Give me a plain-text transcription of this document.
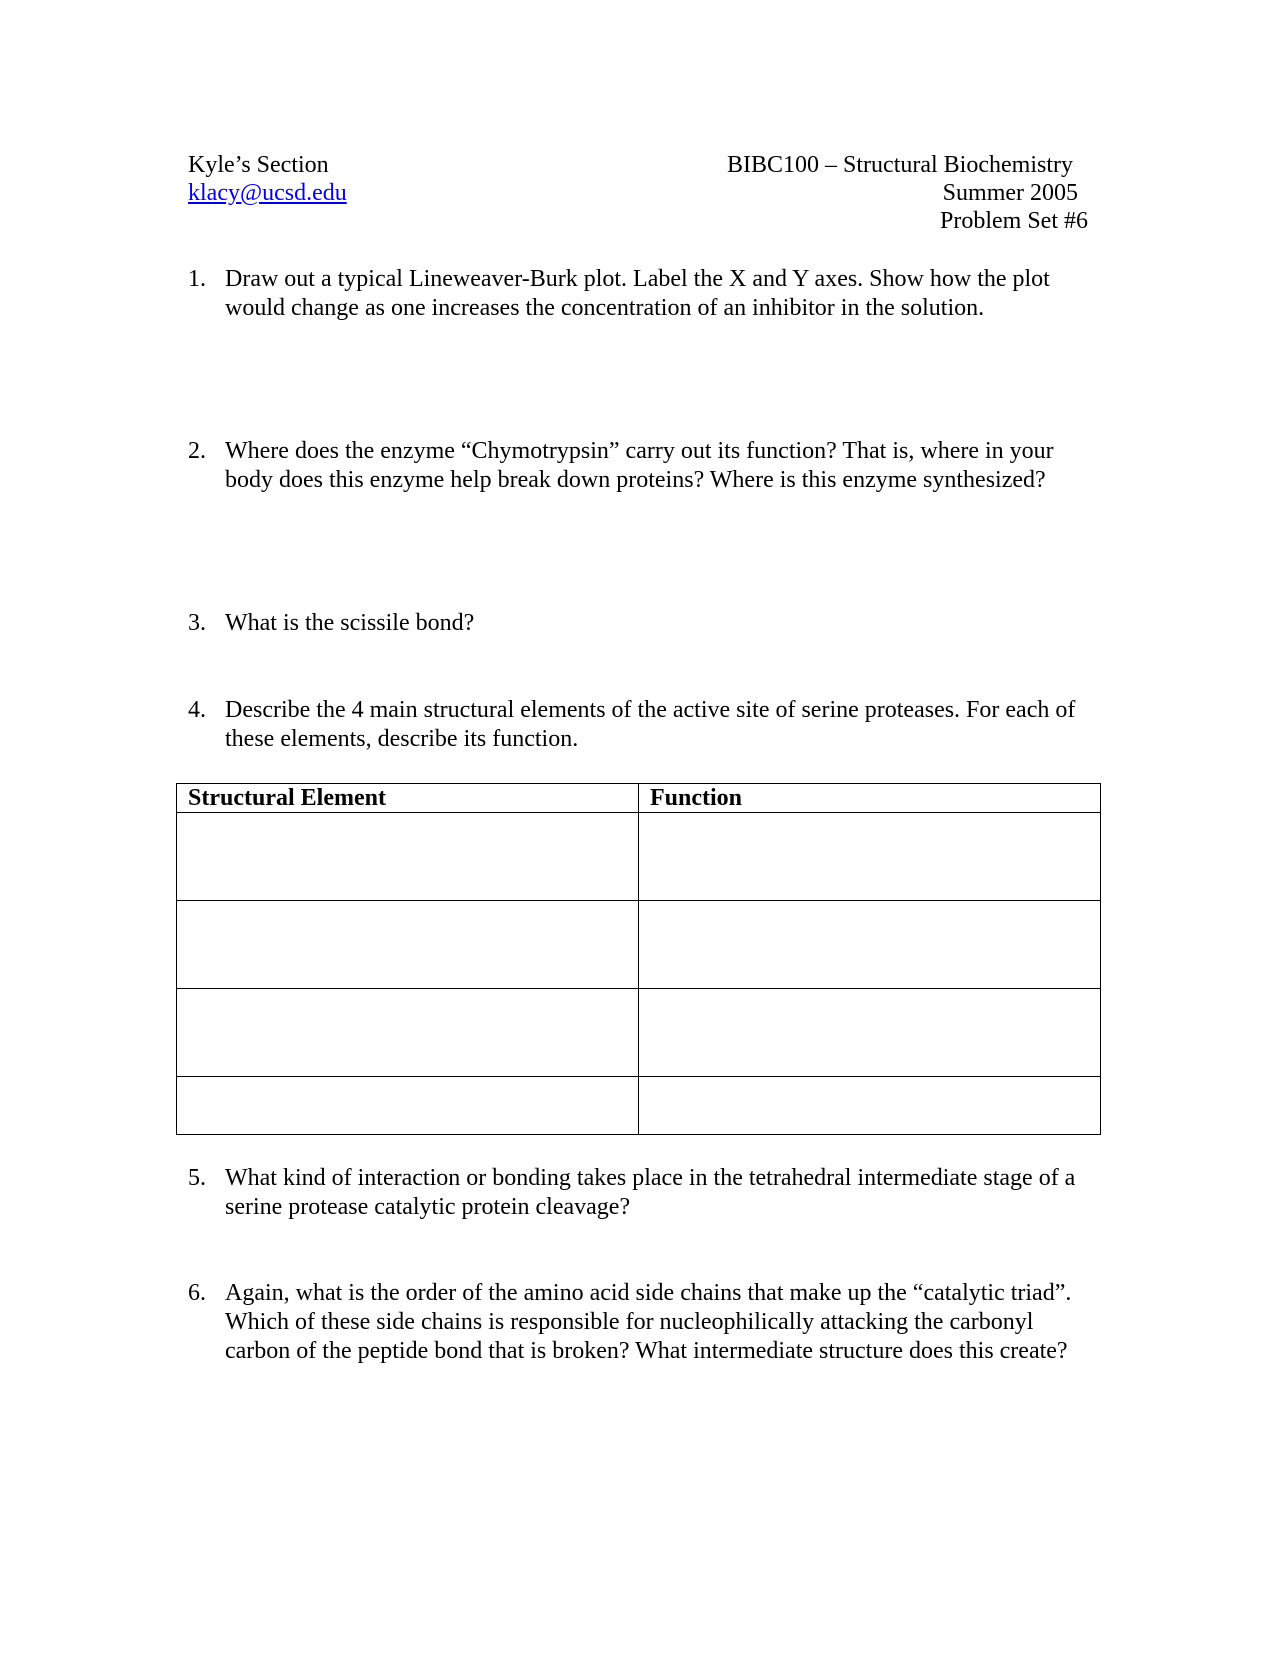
Kyle’s Section
klacy@ucsd.edu
BIBC100 – Structural Biochemistry
Summer 2005
Problem Set #6
1. Draw out a typical Lineweaver-Burk plot. Label the X and Y axes. Show how the plot would change as one increases the concentration of an inhibitor in the solution.
2. Where does the enzyme “Chymotrypsin” carry out its function? That is, where in your body does this enzyme help break down proteins? Where is this enzyme synthesized?
3. What is the scissile bond?
4. Describe the 4 main structural elements of the active site of serine proteases. For each of these elements, describe its function.
Structural Element	Function

5. What kind of interaction or bonding takes place in the tetrahedral intermediate stage of a serine protease catalytic protein cleavage?
6. Again, what is the order of the amino acid side chains that make up the “catalytic triad”. Which of these side chains is responsible for nucleophilically attacking the carbonyl carbon of the peptide bond that is broken? What intermediate structure does this create?
